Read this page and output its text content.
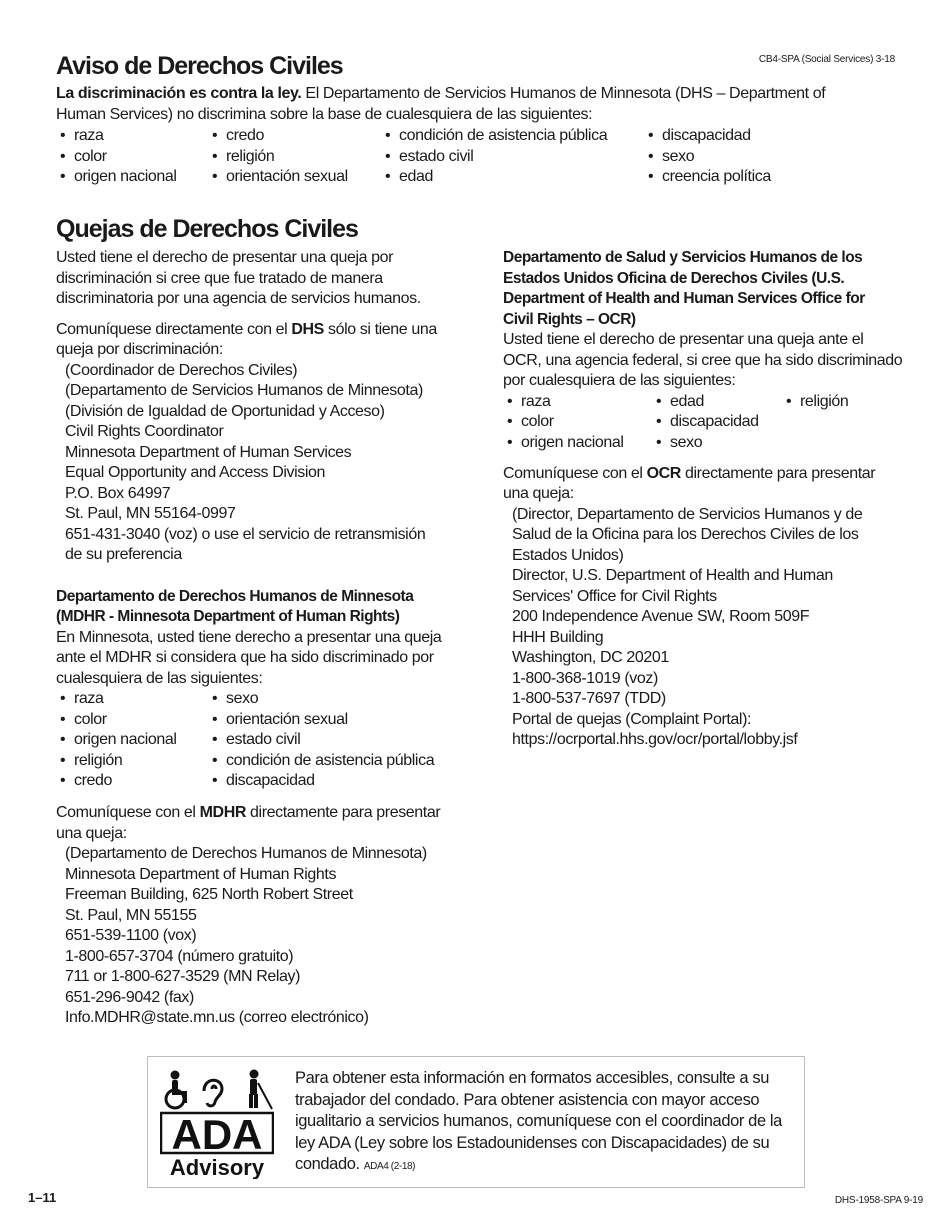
CB4-SPA (Social Services) 3-18
Aviso de Derechos Civiles
La discriminación es contra la ley. El Departamento de Servicios Humanos de Minnesota (DHS – Department of Human Services) no discrimina sobre la base de cualesquiera de las siguientes:
• raza
• color
• origen nacional
• credo
• religión
• orientación sexual
• condición de asistencia pública
• estado civil
• edad
• discapacidad
• sexo
• creencia política
Quejas de Derechos Civiles
Usted tiene el derecho de presentar una queja por discriminación si cree que fue tratado de manera discriminatoria por una agencia de servicios humanos.
Comuníquese directamente con el DHS sólo si tiene una queja por discriminación:
(Coordinador de Derechos Civiles)
(Departamento de Servicios Humanos de Minnesota)
(División de Igualdad de Oportunidad y Acceso)
Civil Rights Coordinator
Minnesota Department of Human Services
Equal Opportunity and Access Division
P.O. Box 64997
St. Paul, MN 55164-0997
651-431-3040 (voz) o use el servicio de retransmisión
de su preferencia
Departamento de Derechos Humanos de Minnesota (MDHR - Minnesota Department of Human Rights)
En Minnesota, usted tiene derecho a presentar una queja ante el MDHR si considera que ha sido discriminado por cualesquiera de las siguientes:
• raza
• color
• origen nacional
• religión
• credo
• sexo
• orientación sexual
• estado civil
• condición de asistencia pública
• discapacidad
Comuníquese con el MDHR directamente para presentar una queja:
(Departamento de Derechos Humanos de Minnesota)
Minnesota Department of Human Rights
Freeman Building, 625 North Robert Street
St. Paul, MN 55155
651-539-1100 (vox)
1-800-657-3704 (número gratuito)
711 or 1-800-627-3529 (MN Relay)
651-296-9042 (fax)
Info.MDHR@state.mn.us (correo electrónico)
Departamento de Salud y Servicios Humanos de los Estados Unidos Oficina de Derechos Civiles (U.S. Department of Health and Human Services Office for Civil Rights – OCR)
Usted tiene el derecho de presentar una queja ante el OCR, una agencia federal, si cree que ha sido discriminado por cualesquiera de las siguientes:
• raza
• color
• origen nacional
• edad
• discapacidad
• sexo
• religión
Comuníquese con el OCR directamente para presentar una queja:
(Director, Departamento de Servicios Humanos y de
Salud de la Oficina para los Derechos Civiles de los
Estados Unidos)
Director, U.S. Department of Health and Human
Services' Office for Civil Rights
200 Independence Avenue SW, Room 509F
HHH Building
Washington, DC 20201
1-800-368-1019 (voz)
1-800-537-7697 (TDD)
Portal de quejas (Complaint Portal):
https://ocrportal.hhs.gov/ocr/portal/lobby.jsf
ADA
Advisory
Para obtener esta información en formatos accesibles, consulte a su trabajador del condado. Para obtener asistencia con mayor acceso igualitario a servicios humanos, comuníquese con el coordinador de la ley ADA (Ley sobre los Estadounidenses con Discapacidades) de su condado. ADA4 (2-18)
1–11	DHS-1958-SPA 9-19
